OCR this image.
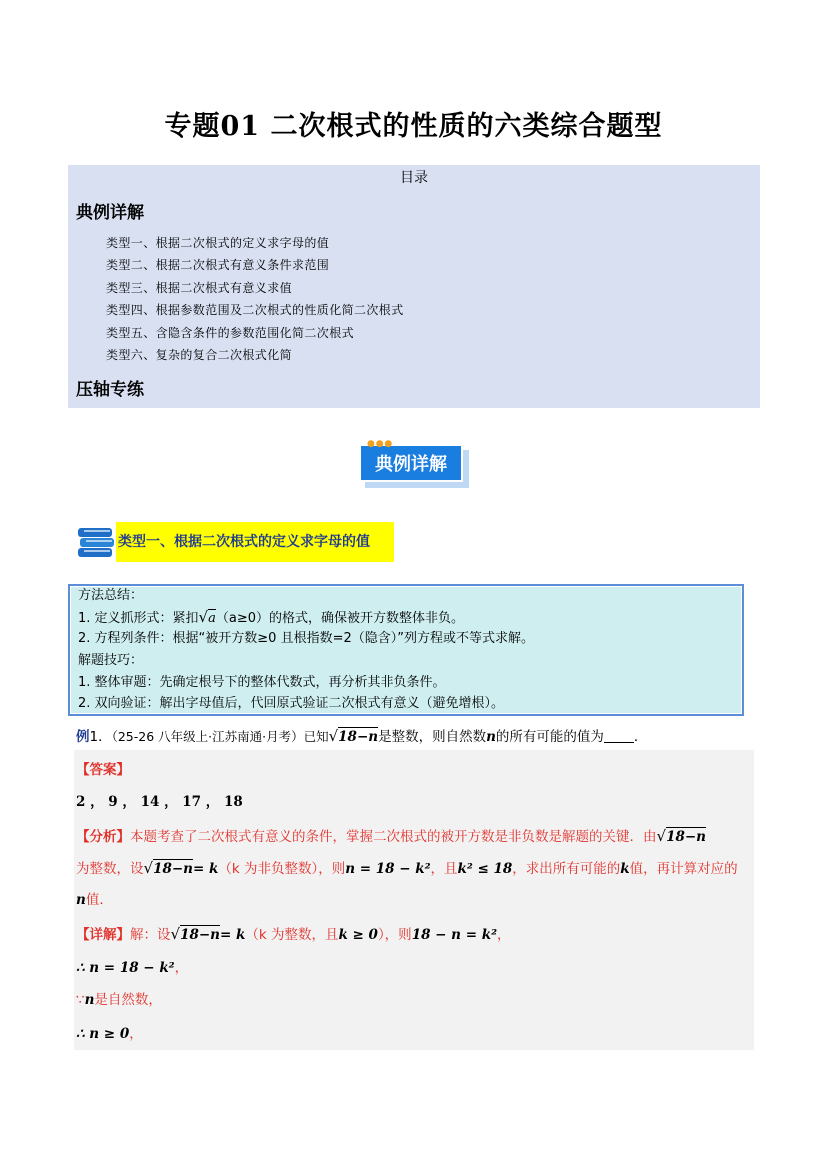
专题01 二次根式的性质的六类综合题型
目录
典例详解
类型一、根据二次根式的定义求字母的值
类型二、根据二次根式有意义条件求范围
类型三、根据二次根式有意义求值
类型四、根据参数范围及二次根式的性质化简二次根式
类型五、含隐含条件的参数范围化简二次根式
类型六、复杂的复合二次根式化简
压轴专练
典例详解
● ● ●
类型一、根据二次根式的定义求字母的值
方法总结：
1. 定义抓形式：紧扣√a（a≥0）的格式，确保被开方数整体非负。
2. 方程列条件：根据“被开方数≥0 且根指数=2（隐含）”列方程或不等式求解。
解题技巧：
1. 整体审题：先确定根号下的整体代数式，再分析其非负条件。
2. 双向验证：解出字母值后，代回原式验证二次根式有意义（避免增根）。
例1．（25-26 八年级上·江苏南通·月考）已知√18−n是整数，则自然数n的所有可能的值为 ．
【答案】
2 ， 9 ， 14 ， 17 ， 18
【分析】本题考查了二次根式有意义的条件，掌握二次根式的被开方数是非负数是解题的关键．由√18−n
为整数，设√18−n= k（k 为非负整数），则n = 18 − k²，且k² ≤ 18，求出所有可能的k值，再计算对应的
n值．
【详解】解：设√18−n= k（k 为整数，且k ≥ 0），则18 − n = k²，
∴ n = 18 − k²，
∵n是自然数，
∴ n ≥ 0，
